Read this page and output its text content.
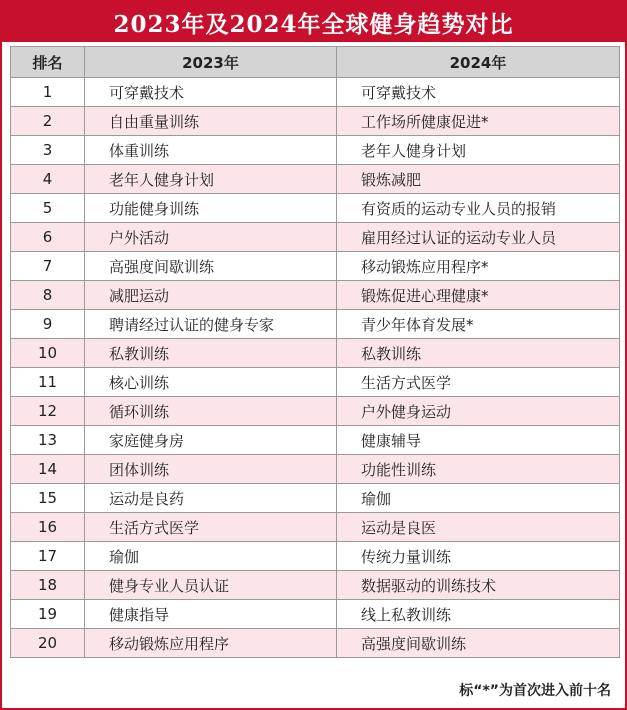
2023年及2024年全球健身趋势对比
排名	2023年	2024年
1	可穿戴技术	可穿戴技术
2	自由重量训练	工作场所健康促进*
3	体重训练	老年人健身计划
4	老年人健身计划	锻炼减肥
5	功能健身训练	有资质的运动专业人员的报销
6	户外活动	雇用经过认证的运动专业人员
7	高强度间歇训练	移动锻炼应用程序*
8	减肥运动	锻炼促进心理健康*
9	聘请经过认证的健身专家	青少年体育发展*
10	私教训练	私教训练
11	核心训练	生活方式医学
12	循环训练	户外健身运动
13	家庭健身房	健康辅导
14	团体训练	功能性训练
15	运动是良药	瑜伽
16	生活方式医学	运动是良医
17	瑜伽	传统力量训练
18	健身专业人员认证	数据驱动的训练技术
19	健康指导	线上私教训练
20	移动锻炼应用程序	高强度间歇训练
标“*”为首次进入前十名
